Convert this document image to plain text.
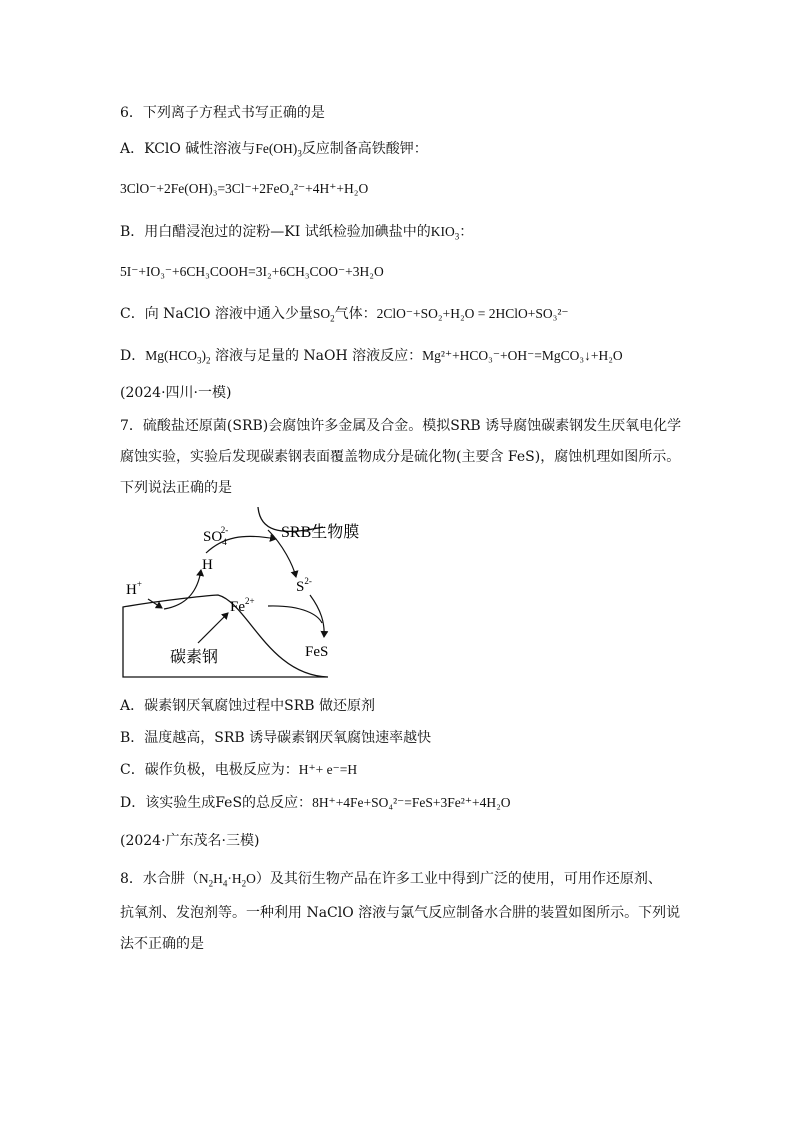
6．下列离子方程式书写正确的是
A．KClO 碱性溶液与$Fe(OH)_3$反应制备高铁酸钾：
3ClO⁻+2Fe(OH)₃=3Cl⁻+2FeO₄²⁻+4H⁺+H₂O
B．用白醋浸泡过的淀粉—KI 试纸检验加碘盐中的$KIO_3$：
5I⁻+IO₃⁻+6CH₃COOH=3I₂+6CH₃COO⁻+3H₂O
C．向 NaClO 溶液中通入少量$SO_2$气体：2ClO⁻+SO₂+H₂O = 2HClO+SO₃²⁻
D．$Mg(HCO_3)_2$ 溶液与足量的 NaOH 溶液反应：Mg²⁺+HCO₃⁻+OH⁻=MgCO₃↓+H₂O
(2024·四川·一模)
7．硫酸盐还原菌(SRB)会腐蚀许多金属及合金。模拟SRB 诱导腐蚀碳素钢发生厌氧电化学
腐蚀实验，实验后发现碳素钢表面覆盖物成分是硫化物(主要含 FeS)，腐蚀机理如图所示。
下列说法正确的是
$SO_42-$	SRB生物膜
H
H+	$S^{2-}$
$Fe^{2+}$
FeS
碳素钢
A．碳素钢厌氧腐蚀过程中SRB 做还原剂
B．温度越高，SRB 诱导碳素钢厌氧腐蚀速率越快
C．碳作负极，电极反应为：H⁺+ e⁻=H
D．该实验生成FeS的总反应：8H⁺+4Fe+SO₄²⁻=FeS+3Fe²⁺+4H₂O
(2024·广东茂名·三模)
8．水合肼$(N_2H_4\cdot H_2O)$及其衍生物产品在许多工业中得到广泛的使用，可用作还原剂、
抗氧剂、发泡剂等。一种利用 NaClO 溶液与氯气反应制备水合肼的装置如图所示。下列说
法不正确的是
